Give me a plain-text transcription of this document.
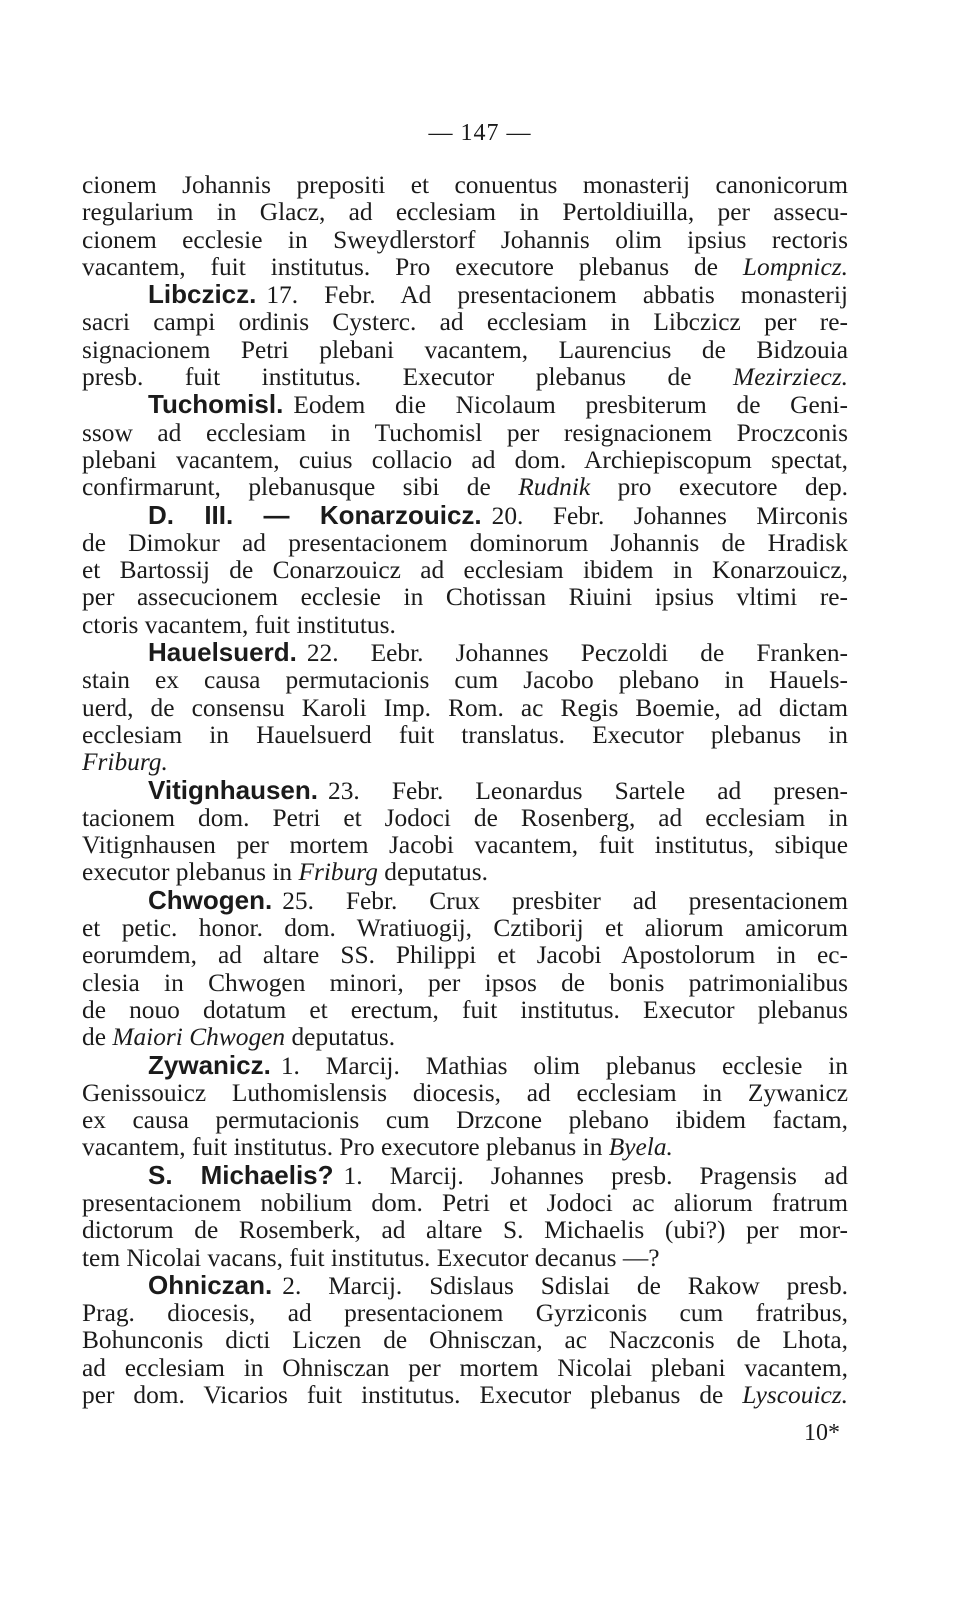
— 147 —
cionem Johannis prepositi et conuentus monasterij canonicorum
regularium in Glacz, ad ecclesiam in Pertoldiuilla, per assecu-
cionem ecclesie in Sweydlerstorf Johannis olim ipsius rectoris
vacantem, fuit institutus. Pro executore plebanus de Lompnicz.
Libczicz. 17. Febr. Ad presentacionem abbatis monasterij
sacri campi ordinis Cysterc. ad ecclesiam in Libczicz per re-
signacionem Petri plebani vacantem, Laurencius de Bidzouia
presb. fuit institutus. Executor plebanus de Mezirziecz.
Tuchomisl. Eodem die Nicolaum presbiterum de Geni-
ssow ad ecclesiam in Tuchomisl per resignacionem Proczconis
plebani vacantem, cuius collacio ad dom. Archiepiscopum spectat,
confirmarunt, plebanusque sibi de Rudnik pro executore dep.
D. III. — Konarzouicz. 20. Febr. Johannes Mirconis
de Dimokur ad presentacionem dominorum Johannis de Hradisk
et Bartossij de Conarzouicz ad ecclesiam ibidem in Konarzouicz,
per assecucionem ecclesie in Chotissan Riuini ipsius vltimi re-
ctoris vacantem, fuit institutus.
Hauelsuerd. 22. Eebr. Johannes Peczoldi de Franken-
stain ex causa permutacionis cum Jacobo plebano in Hauels-
uerd, de consensu Karoli Imp. Rom. ac Regis Boemie, ad dictam
ecclesiam in Hauelsuerd fuit translatus. Executor plebanus in
Friburg.
Vitignhausen. 23. Febr. Leonardus Sartele ad presen-
tacionem dom. Petri et Jodoci de Rosenberg, ad ecclesiam in
Vitignhausen per mortem Jacobi vacantem, fuit institutus, sibique
executor plebanus in Friburg deputatus.
Chwogen. 25. Febr. Crux presbiter ad presentacionem
et petic. honor. dom. Wratiuogij, Cztiborij et aliorum amicorum
eorumdem, ad altare SS. Philippi et Jacobi Apostolorum in ec-
clesia in Chwogen minori, per ipsos de bonis patrimonialibus
de nouo dotatum et erectum, fuit institutus. Executor plebanus
de Maiori Chwogen deputatus.
Zywanicz. 1. Marcij. Mathias olim plebanus ecclesie in
Genissouicz Luthomislensis diocesis, ad ecclesiam in Zywanicz
ex causa permutacionis cum Drzcone plebano ibidem factam,
vacantem, fuit institutus. Pro executore plebanus in Byela.
S. Michaelis? 1. Marcij. Johannes presb. Pragensis ad
presentacionem nobilium dom. Petri et Jodoci ac aliorum fratrum
dictorum de Rosemberk, ad altare S. Michaelis (ubi?) per mor-
tem Nicolai vacans, fuit institutus. Executor decanus —?
Ohniczan. 2. Marcij. Sdislaus Sdislai de Rakow presb.
Prag. diocesis, ad presentacionem Gyrziconis cum fratribus,
Bohunconis dicti Liczen de Ohnisczan, ac Naczconis de Lhota,
ad ecclesiam in Ohnisczan per mortem Nicolai plebani vacantem,
per dom. Vicarios fuit institutus. Executor plebanus de Lyscouicz.
10*
